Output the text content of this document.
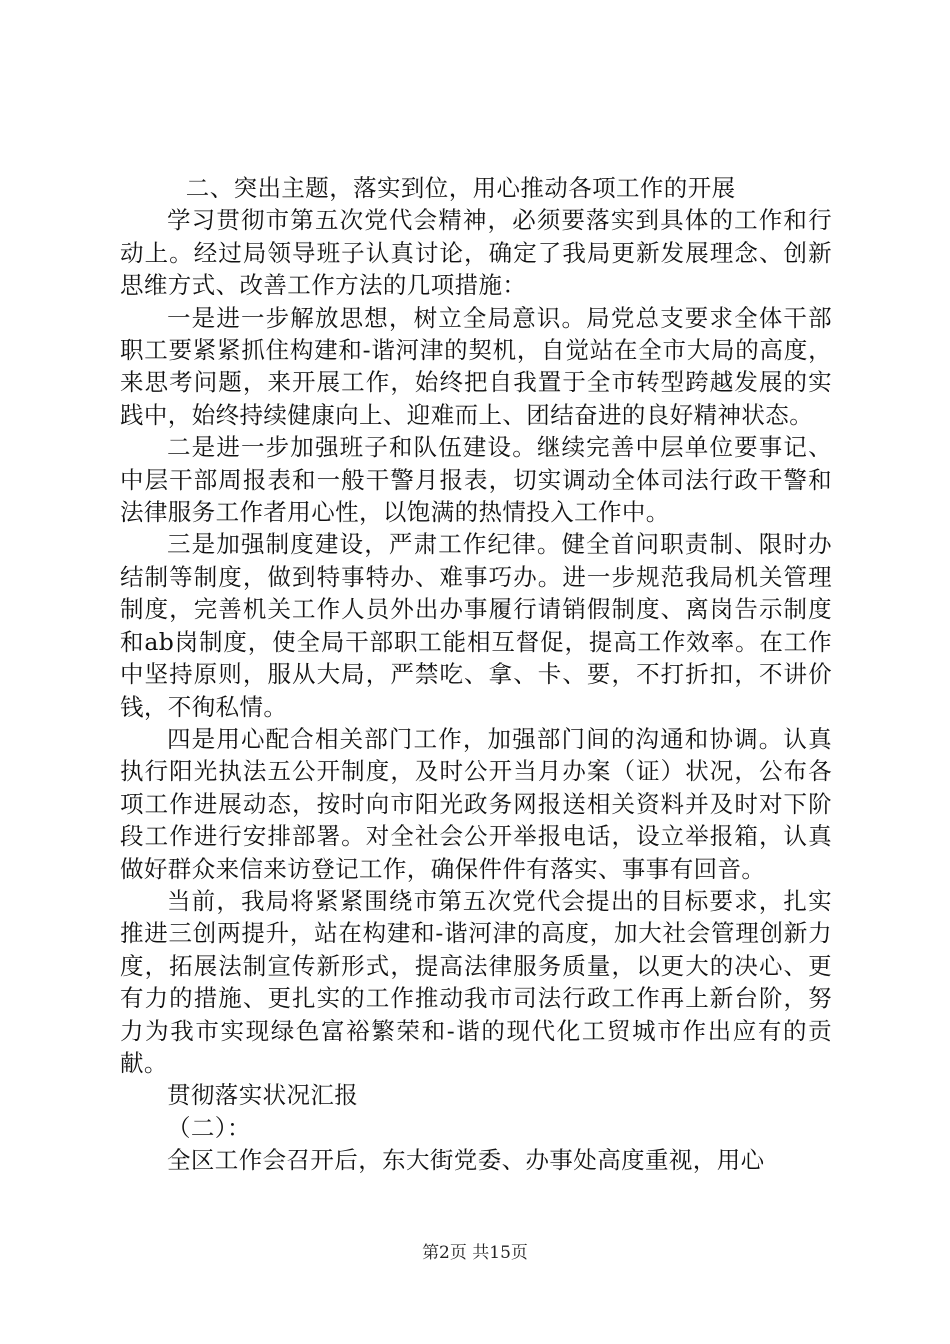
二、突出主题，落实到位，用心推动各项工作的开展

学习贯彻市第五次党代会精神，必须要落实到具体的工作和行动上。经过局领导班子认真讨论，确定了我局更新发展理念、创新思维方式、改善工作方法的几项措施：

一是进一步解放思想，树立全局意识。局党总支要求全体干部职工要紧紧抓住构建和-谐河津的契机，自觉站在全市大局的高度，来思考问题，来开展工作，始终把自我置于全市转型跨越发展的实践中，始终持续健康向上、迎难而上、团结奋进的良好精神状态。

二是进一步加强班子和队伍建设。继续完善中层单位要事记、中层干部周报表和一般干警月报表，切实调动全体司法行政干警和法律服务工作者用心性，以饱满的热情投入工作中。

三是加强制度建设，严肃工作纪律。健全首问职责制、限时办结制等制度，做到特事特办、难事巧办。进一步规范我局机关管理制度，完善机关工作人员外出办事履行请销假制度、离岗告示制度和ab岗制度，使全局干部职工能相互督促，提高工作效率。在工作中坚持原则，服从大局，严禁吃、拿、卡、要，不打折扣，不讲价钱，不徇私情。

四是用心配合相关部门工作，加强部门间的沟通和协调。认真执行阳光执法五公开制度，及时公开当月办案（证）状况，公布各项工作进展动态，按时向市阳光政务网报送相关资料并及时对下阶段工作进行安排部署。对全社会公开举报电话，设立举报箱，认真做好群众来信来访登记工作，确保件件有落实、事事有回音。

当前，我局将紧紧围绕市第五次党代会提出的目标要求，扎实推进三创两提升，站在构建和-谐河津的高度，加大社会管理创新力度，拓展法制宣传新形式，提高法律服务质量，以更大的决心、更有力的措施、更扎实的工作推动我市司法行政工作再上新台阶，努力为我市实现绿色富裕繁荣和-谐的现代化工贸城市作出应有的贡献。

贯彻落实状况汇报

（二）：

全区工作会召开后，东大街党委、办事处高度重视，用心

第2页 共15页
